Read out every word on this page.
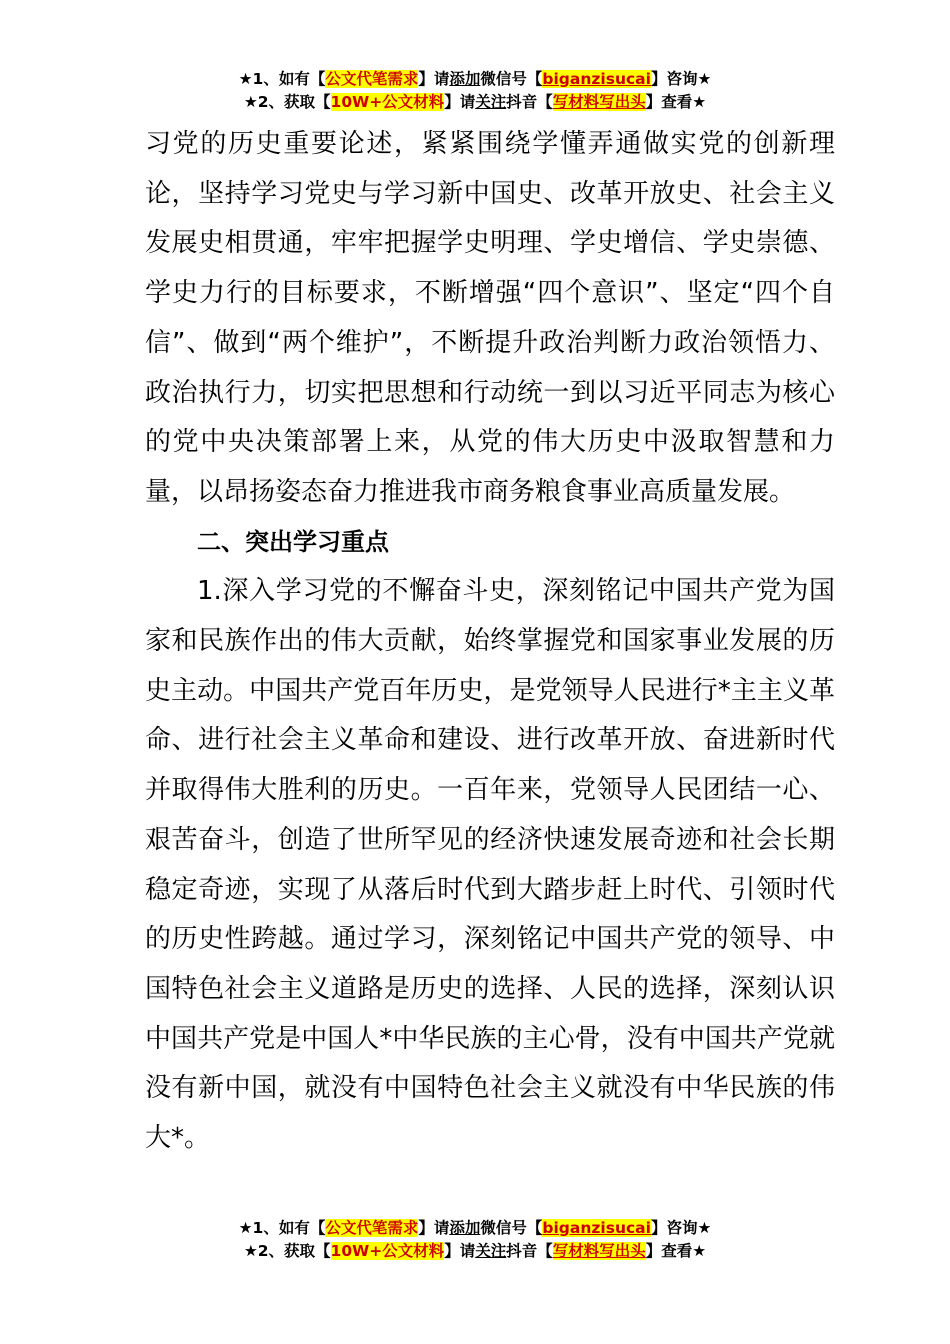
★1、如有【公文代笔需求】请添加微信号【biganzisucai】咨询★
★2、获取【10W+公文材料】请关注抖音【写材料写出头】查看★

习党的历史重要论述，紧紧围绕学懂弄通做实党的创新理论，坚持学习党史与学习新中国史、改革开放史、社会主义发展史相贯通，牢牢把握学史明理、学史增信、学史崇德、学史力行的目标要求，不断增强“四个意识”、坚定“四个自信”、做到“两个维护”，不断提升政治判断力政治领悟力、政治执行力，切实把思想和行动统一到以习近平同志为核心的党中央决策部署上来，从党的伟大历史中汲取智慧和力量，以昂扬姿态奋力推进我市商务粮食事业高质量发展。

二、突出学习重点

1.深入学习党的不懈奋斗史，深刻铭记中国共产党为国家和民族作出的伟大贡献，始终掌握党和国家事业发展的历史主动。中国共产党百年历史，是党领导人民进行*主主义革命、进行社会主义革命和建设、进行改革开放、奋进新时代并取得伟大胜利的历史。一百年来，党领导人民团结一心、艰苦奋斗，创造了世所罕见的经济快速发展奇迹和社会长期稳定奇迹，实现了从落后时代到大踏步赶上时代、引领时代的历史性跨越。通过学习，深刻铭记中国共产党的领导、中国特色社会主义道路是历史的选择、人民的选择，深刻认识中国共产党是中国人*中华民族的主心骨，没有中国共产党就没有新中国，就没有中国特色社会主义就没有中华民族的伟大*。

★1、如有【公文代笔需求】请添加微信号【biganzisucai】咨询★
★2、获取【10W+公文材料】请关注抖音【写材料写出头】查看★
